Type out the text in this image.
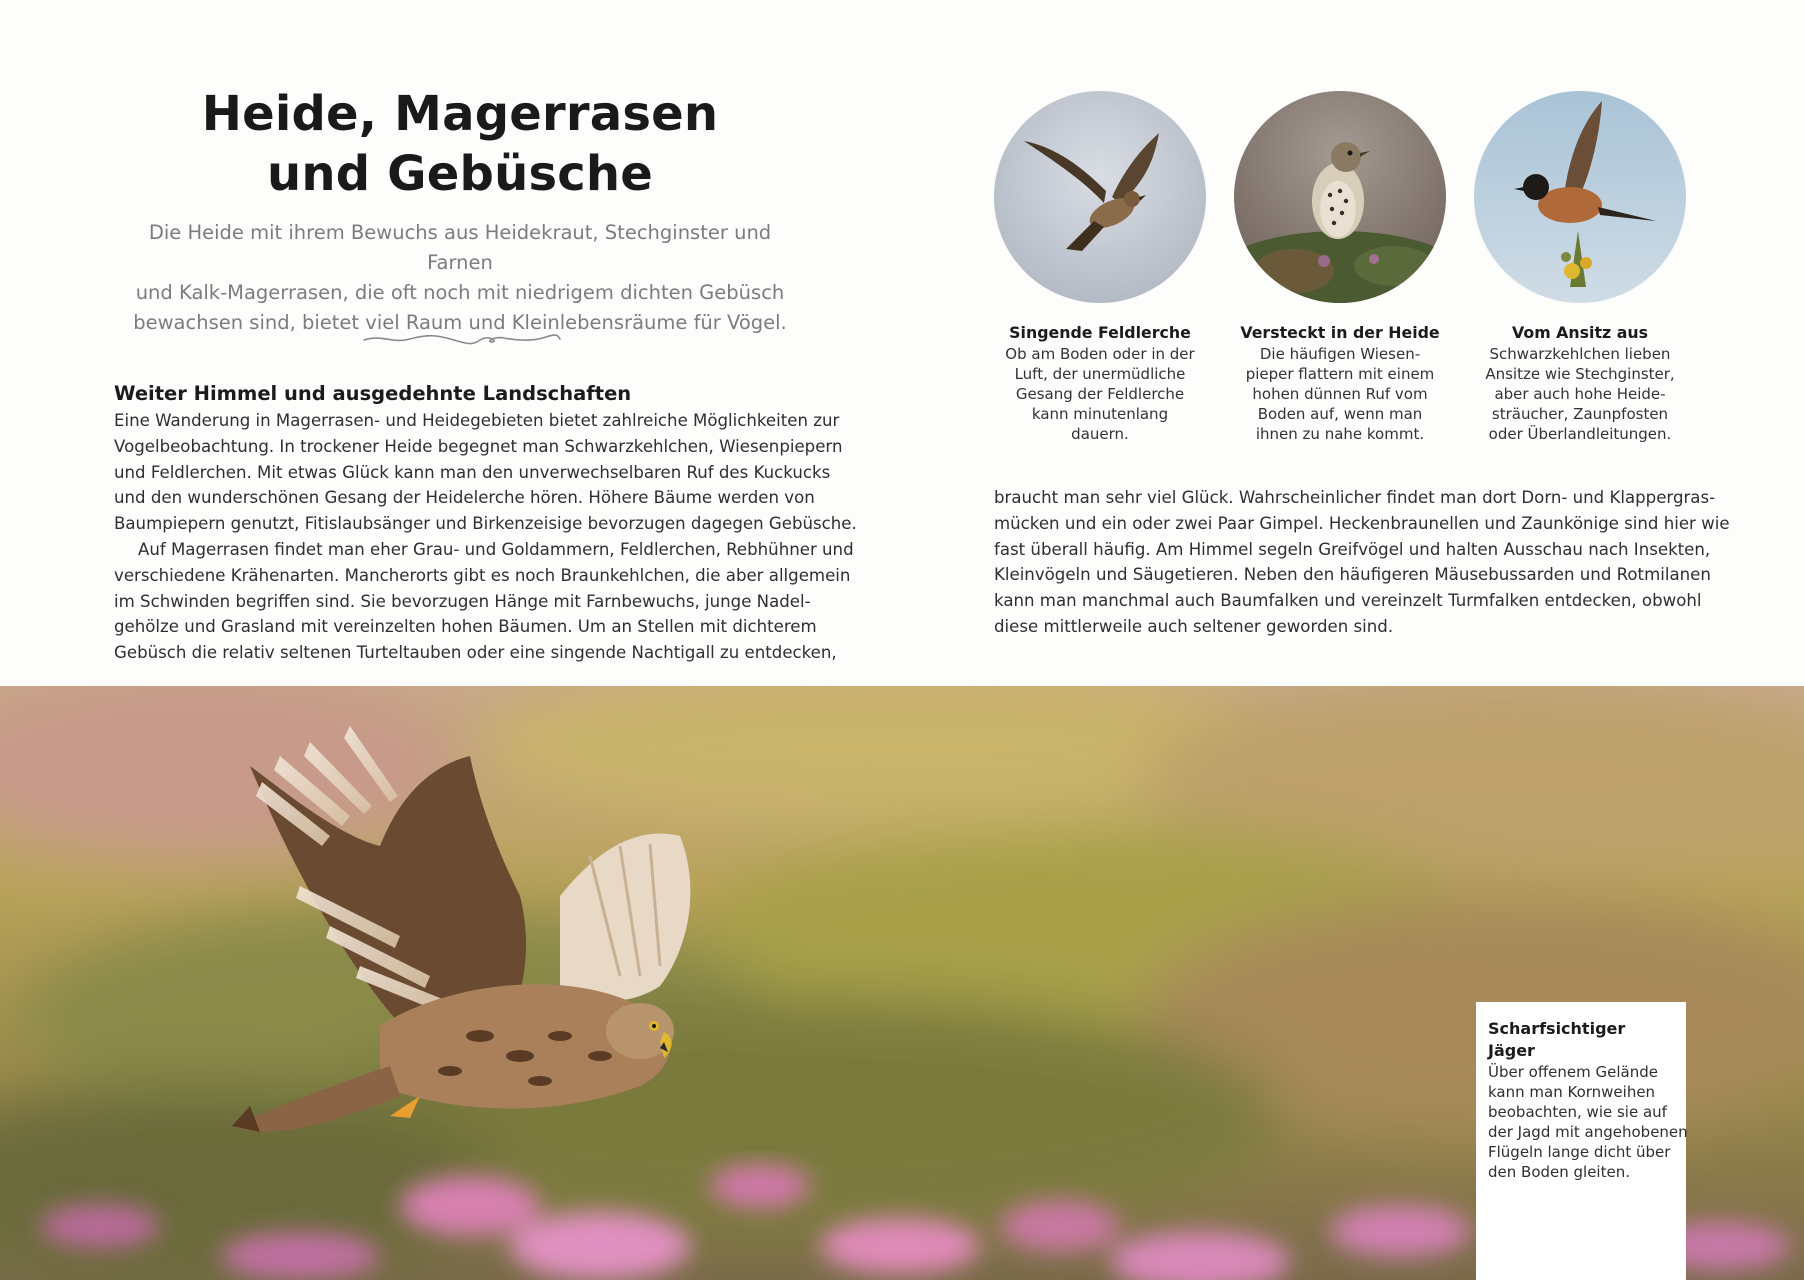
Heide, Magerrasen
und Gebüsche
Die Heide mit ihrem Bewuchs aus Heidekraut, Stechginster und Farnen
und Kalk-Magerrasen, die oft noch mit niedrigem dichten Gebüsch
bewachsen sind, bietet viel Raum und Kleinlebensräume für Vögel.
Weiter Himmel und ausgedehnte Landschaften

Eine Wanderung in Magerrasen- und Heidegebieten bietet zahlreiche Möglichkeiten zur

Vogelbeobachtung. In trockener Heide begegnet man Schwarzkehlchen, Wiesenpiepern

und Feldlerchen. Mit etwas Glück kann man den unverwechselbaren Ruf des Kuckucks

und den wunderschönen Gesang der Heidelerche hören. Höhere Bäume werden von

Baumpiepern genutzt, Fitislaubsänger und Birkenzeisige bevorzugen dagegen Gebüsche.

Auf Magerrasen findet man eher Grau- und Goldammern, Feldlerchen, Rebhühner und

verschiedene Krähenarten. Mancherorts gibt es noch Braunkehlchen, die aber allgemein

im Schwinden begriffen sind. Sie bevorzugen Hänge mit Farnbewuchs, junge Nadel-

gehölze und Grasland mit vereinzelten hohen Bäumen. Um an Stellen mit dichterem

Gebüsch die relativ seltenen Turteltauben oder eine singende Nachtigall zu entdecken,

braucht man sehr viel Glück. Wahrscheinlicher findet man dort Dorn- und Klappergras-

mücken und ein oder zwei Paar Gimpel. Heckenbraunellen und Zaunkönige sind hier wie

fast überall häufig. Am Himmel segeln Greifvögel und halten Ausschau nach Insekten,

Kleinvögeln und Säugetieren. Neben den häufigeren Mäusebussarden und Rotmilanen

kann man manchmal auch Baumfalken und vereinzelt Turmfalken entdecken, obwohl

diese mittlerweile auch seltener geworden sind.

Singende Feldlerche
Ob am Boden oder in der
Luft, der unermüdliche
Gesang der Feldlerche
kann minutenlang
dauern.
Versteckt in der Heide
Die häufigen Wiesen-
pieper flattern mit einem
hohen dünnen Ruf vom
Boden auf, wenn man
ihnen zu nahe kommt.
Vom Ansitz aus
Schwarzkehlchen lieben
Ansitze wie Stechginster,
aber auch hohe Heide-
sträucher, Zaunpfosten
oder Überlandleitungen.
Scharfsichtiger Jäger
Über offenem Gelände
kann man Kornweihen
beobachten, wie sie auf
der Jagd mit angehobenen
Flügeln lange dicht über
den Boden gleiten.
